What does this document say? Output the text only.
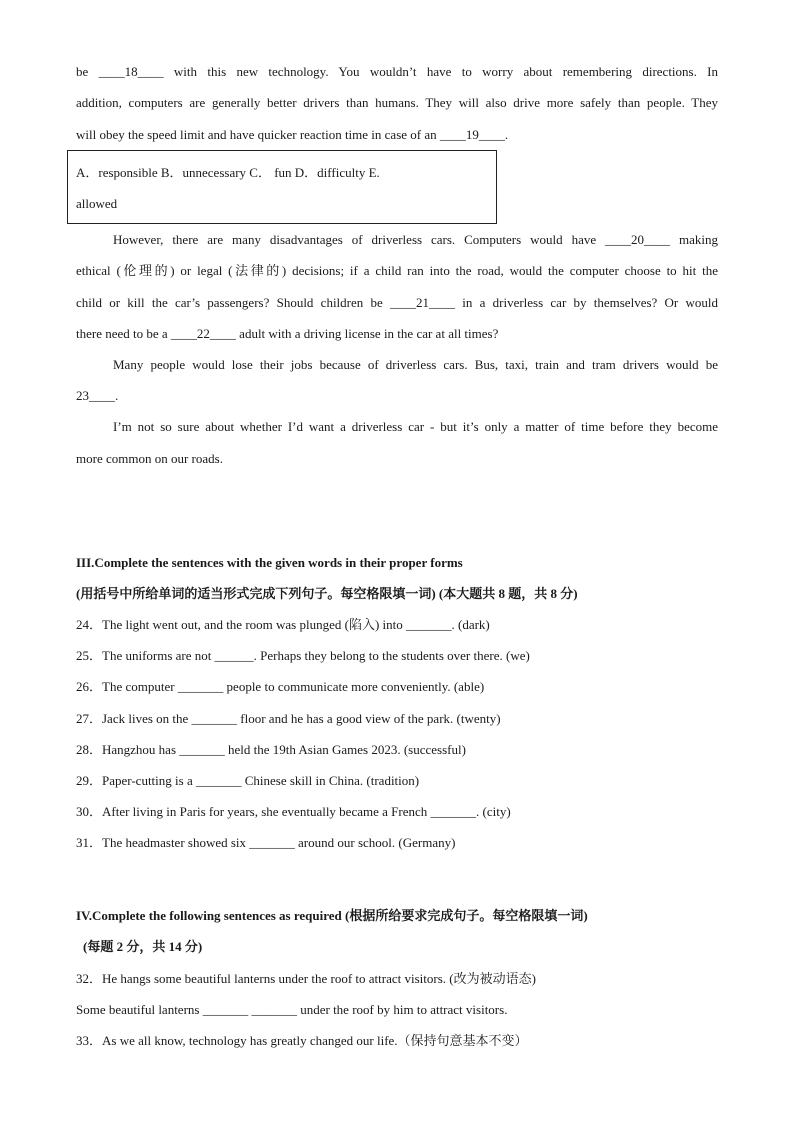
be ____18____ with this new technology. You wouldn’t have to worry about remembering directions. In
addition, computers are generally better drivers than humans. They will also drive more safely than people. They
will obey the speed limit and have quicker reaction time in case of an ____19____.
A．responsible B．unnecessary C． fun D．difficulty E.
allowed
However, there are many disadvantages of driverless cars. Computers would have ____20____ making
ethical (伦理的) or legal (法律的) decisions; if a child ran into the road, would the computer choose to hit the
child or kill the car’s passengers? Should children be ____21____ in a driverless car by themselves? Or would
there need to be a ____22____ adult with a driving license in the car at all times?
Many people would lose their jobs because of driverless cars. Bus, taxi, train and tram drivers would be
23____.
I’m not so sure about whether I’d want a driverless car - but it’s only a matter of time before they become
more common on our roads.
III.Complete the sentences with the given words in their proper forms
(用括号中所给单词的适当形式完成下列句子。每空格限填一词) (本大题共 8 题，共 8 分)
24．The light went out, and the room was plunged (陷入) into _______. (dark)
25．The uniforms are not ______. Perhaps they belong to the students over there. (we)
26．The computer _______ people to communicate more conveniently. (able)
27．Jack lives on the _______ floor and he has a good view of the park. (twenty)
28．Hangzhou has _______ held the 19th Asian Games 2023. (successful)
29．Paper-cutting is a _______ Chinese skill in China. (tradition)
30．After living in Paris for years, she eventually became a French _______. (city)
31．The headmaster showed six _______ around our school. (Germany)
IV.Complete the following sentences as required (根据所给要求完成句子。每空格限填一词)
(每题 2 分，共 14 分)
32．He hangs some beautiful lanterns under the roof to attract visitors. (改为被动语态)
Some beautiful lanterns _______ _______ under the roof by him to attract visitors.
33．As we all know, technology has greatly changed our life.（保持句意基本不变）
